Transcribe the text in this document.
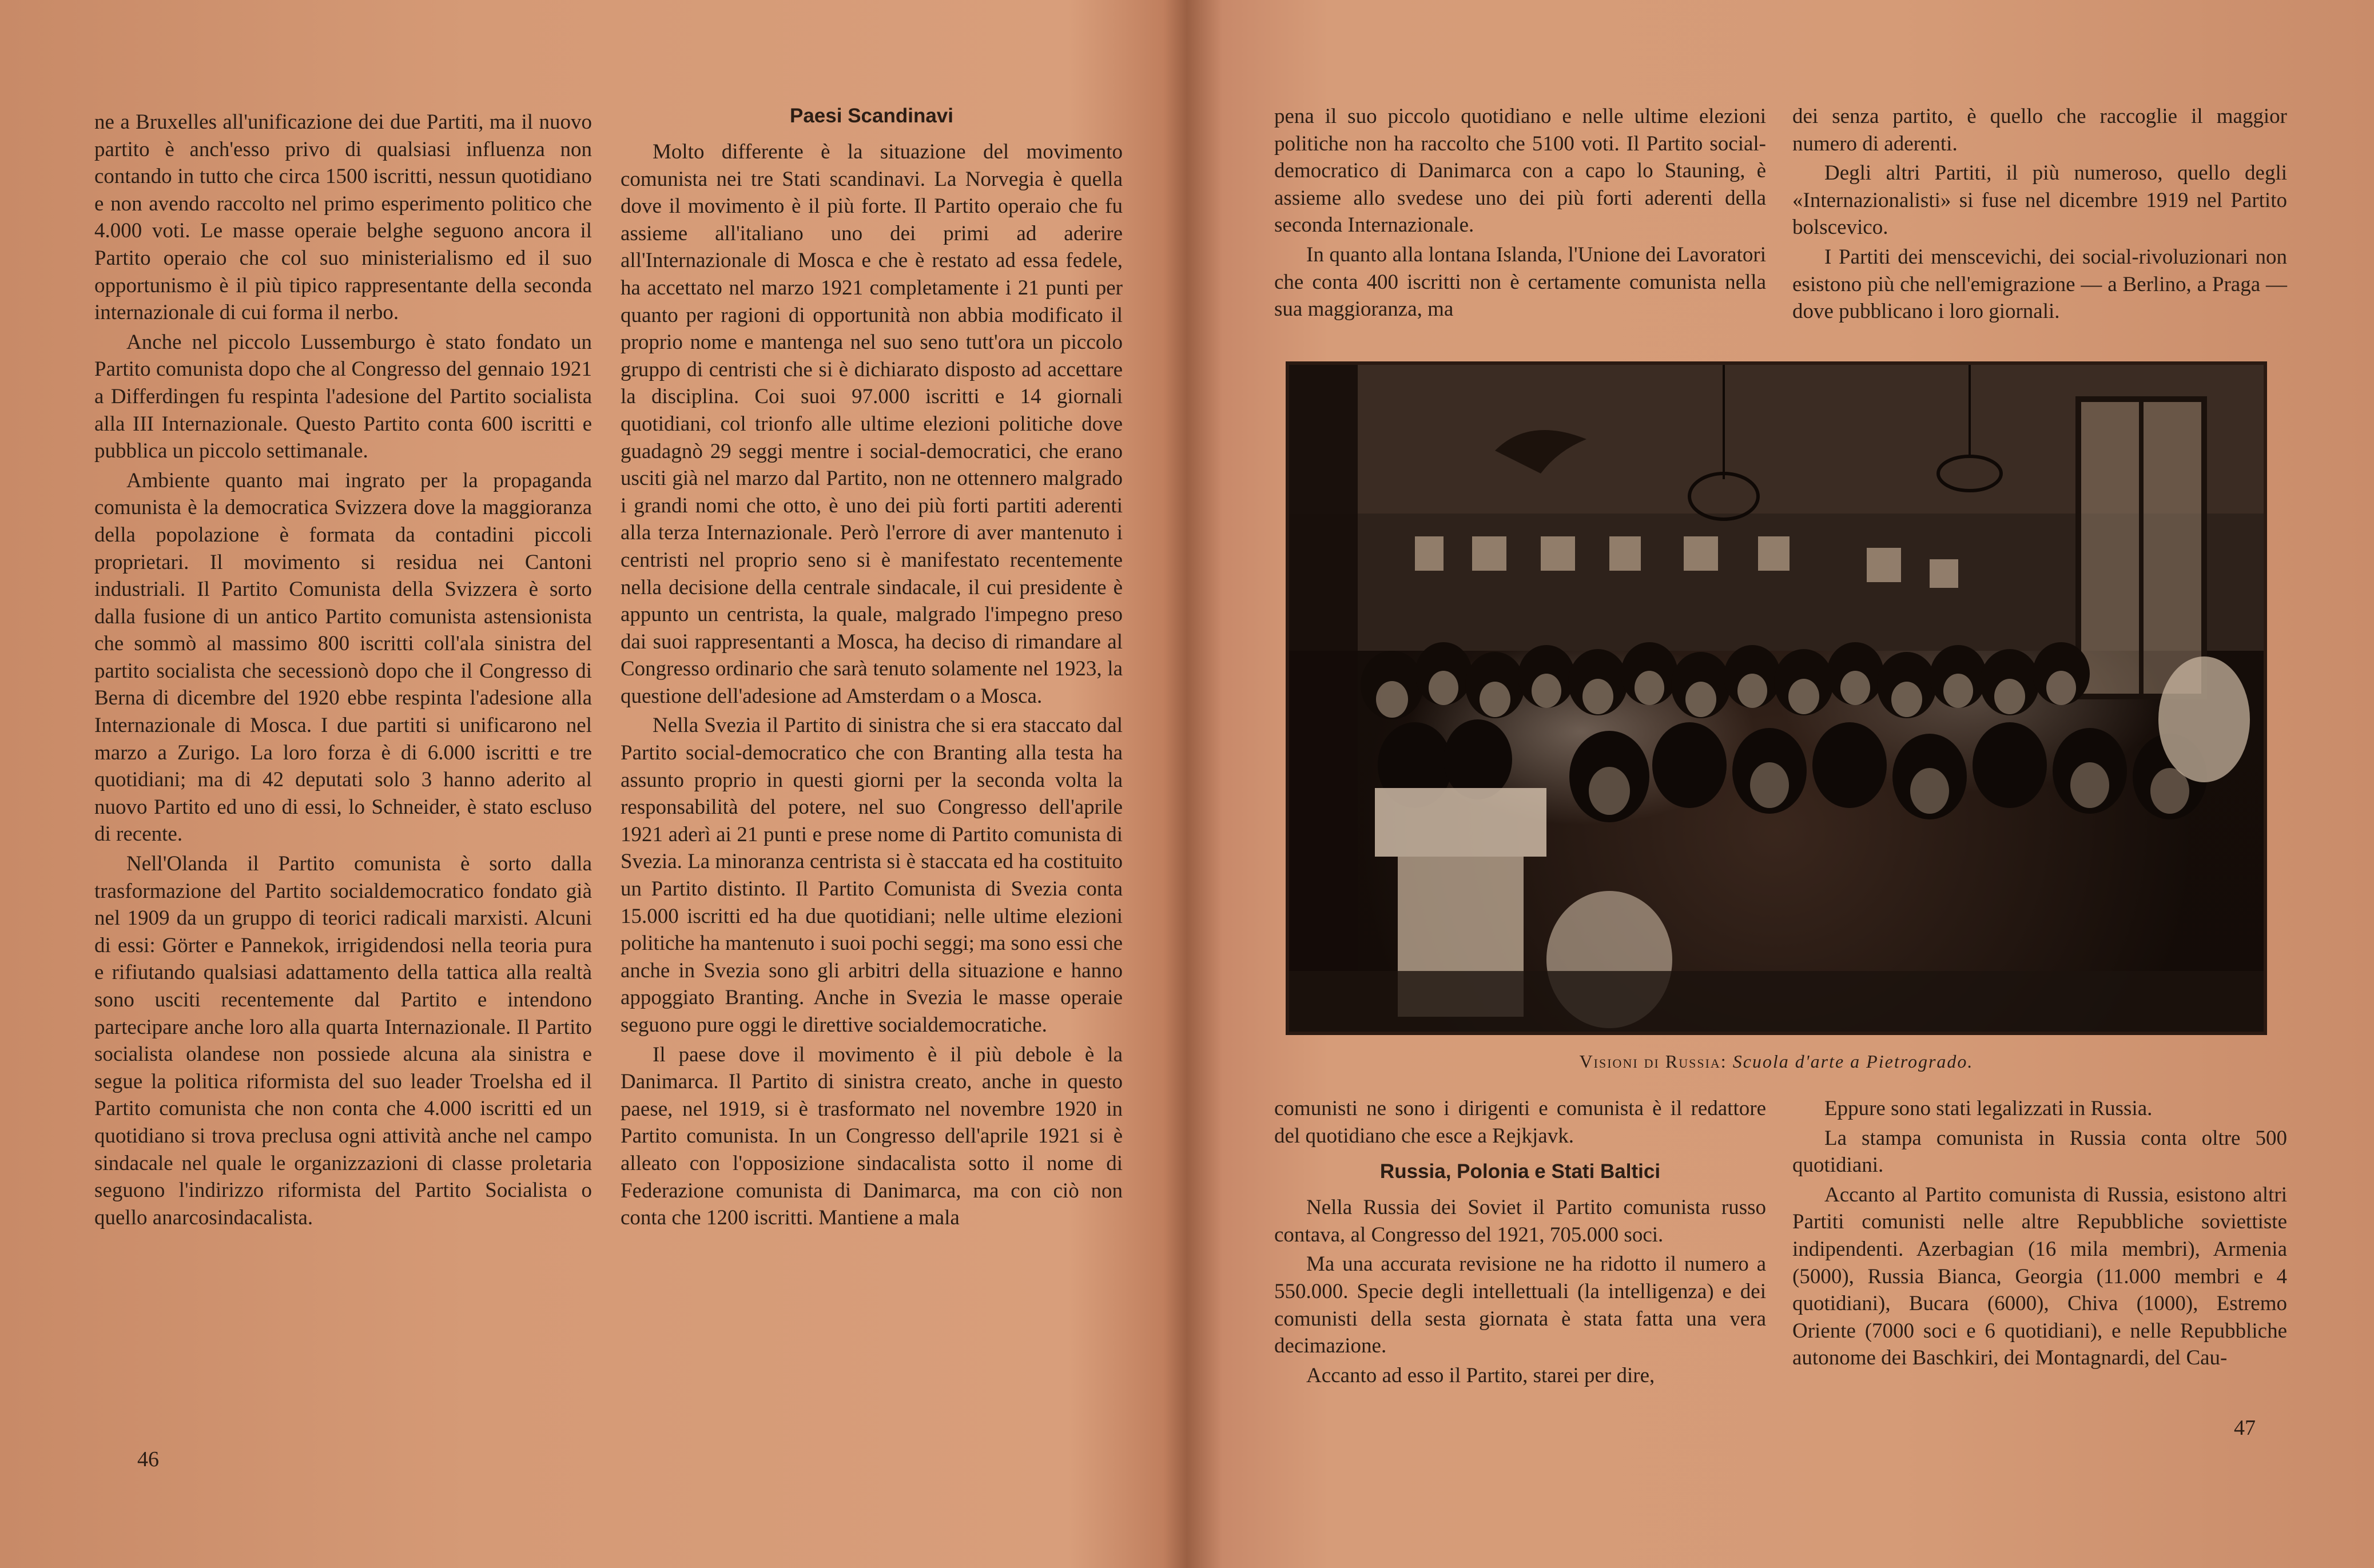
ne a Bruxelles all'unificazione dei due Partiti, ma il nuovo partito è anch'esso privo di qualsiasi influenza non contando in tutto che circa 1500 iscritti, nessun quotidiano e non avendo raccolto nel primo esperimento politico che 4.000 voti. Le masse operaie belghe seguono ancora il Partito operaio che col suo ministerialismo ed il suo opportunismo è il più tipico rappresentante della seconda internazionale di cui forma il nerbo.

Anche nel piccolo Lussemburgo è stato fondato un Partito comunista dopo che al Congresso del gennaio 1921 a Differdingen fu respinta l'adesione del Partito socialista alla III Internazionale. Questo Partito conta 600 iscritti e pubblica un piccolo settimanale.

Ambiente quanto mai ingrato per la propaganda comunista è la democratica Svizzera dove la maggioranza della popolazione è formata da contadini piccoli proprietari. Il movimento si residua nei Cantoni industriali. Il Partito Comunista della Svizzera è sorto dalla fusione di un antico Partito comunista astensionista che sommò al massimo 800 iscritti coll'ala sinistra del partito socialista che secessionò dopo che il Congresso di Berna di dicembre del 1920 ebbe respinta l'adesione alla Internazionale di Mosca. I due partiti si unificarono nel marzo a Zurigo. La loro forza è di 6.000 iscritti e tre quotidiani; ma di 42 deputati solo 3 hanno aderito al nuovo Partito ed uno di essi, lo Schneider, è stato escluso di recente.

Nell'Olanda il Partito comunista è sorto dalla trasformazione del Partito socialdemocratico fondato già nel 1909 da un gruppo di teorici radicali marxisti. Alcuni di essi: Görter e Pannekok, irrigidendosi nella teoria pura e rifiutando qualsiasi adattamento della tattica alla realtà sono usciti recentemente dal Partito e intendono partecipare anche loro alla quarta Internazionale. Il Partito socialista olandese non possiede alcuna ala sinistra e segue la politica riformista del suo leader Troelsha ed il Partito comunista che non conta che 4.000 iscritti ed un quotidiano si trova preclusa ogni attività anche nel campo sindacale nel quale le organizzazioni di classe proletaria seguono l'indirizzo riformista del Partito Socialista o quello anarcosindacalista.

Paesi Scandinavi

Molto differente è la situazione del movimento comunista nei tre Stati scandinavi. La Norvegia è quella dove il movimento è il più forte. Il Partito operaio che fu assieme all'italiano uno dei primi ad aderire all'Internazionale di Mosca e che è restato ad essa fedele, ha accettato nel marzo 1921 completamente i 21 punti per quanto per ragioni di opportunità non abbia modificato il proprio nome e mantenga nel suo seno tutt'ora un piccolo gruppo di centristi che si è dichiarato disposto ad accettare la disciplina. Coi suoi 97.000 iscritti e 14 giornali quotidiani, col trionfo alle ultime elezioni politiche dove guadagnò 29 seggi mentre i social-democratici, che erano usciti già nel marzo dal Partito, non ne ottennero malgrado i grandi nomi che otto, è uno dei più forti partiti aderenti alla terza Internazionale. Però l'errore di aver mantenuto i centristi nel proprio seno si è manifestato recentemente nella decisione della centrale sindacale, il cui presidente è appunto un centrista, la quale, malgrado l'impegno preso dai suoi rappresentanti a Mosca, ha deciso di rimandare al Congresso ordinario che sarà tenuto solamente nel 1923, la questione dell'adesione ad Amsterdam o a Mosca.

Nella Svezia il Partito di sinistra che si era staccato dal Partito social-democratico che con Branting alla testa ha assunto proprio in questi giorni per la seconda volta la responsabilità del potere, nel suo Congresso dell'aprile 1921 aderì ai 21 punti e prese nome di Partito comunista di Svezia. La minoranza centrista si è staccata ed ha costituito un Partito distinto. Il Partito Comunista di Svezia conta 15.000 iscritti ed ha due quotidiani; nelle ultime elezioni politiche ha mantenuto i suoi pochi seggi; ma sono essi che anche in Svezia sono gli arbitri della situazione e hanno appoggiato Branting. Anche in Svezia le masse operaie seguono pure oggi le direttive socialdemocratiche.

Il paese dove il movimento è il più debole è la Danimarca. Il Partito di sinistra creato, anche in questo paese, nel 1919, si è trasformato nel novembre 1920 in Partito comunista. In un Congresso dell'aprile 1921 si è alleato con l'opposizione sindacalista sotto il nome di Federazione comunista di Danimarca, ma con ciò non conta che 1200 iscritti. Mantiene a mala

46

pena il suo piccolo quotidiano e nelle ultime elezioni politiche non ha raccolto che 5100 voti. Il Partito social-democratico di Danimarca con a capo lo Stauning, è assieme allo svedese uno dei più forti aderenti della seconda Internazionale.

In quanto alla lontana Islanda, l'Unione dei Lavoratori che conta 400 iscritti non è certamente comunista nella sua maggioranza, ma

dei senza partito, è quello che raccoglie il maggior numero di aderenti.

Degli altri Partiti, il più numeroso, quello degli «Internazionalisti» si fuse nel dicembre 1919 nel Partito bolscevico.

I Partiti dei menscevichi, dei social-rivoluzionari non esistono più che nell'emigrazione — a Berlino, a Praga — dove pubblicano i loro giornali.

comunisti ne sono i dirigenti e comunista è il redattore del quotidiano che esce a Rejkjavk.

Russia, Polonia e Stati Baltici

Nella Russia dei Soviet il Partito comunista russo contava, al Congresso del 1921, 705.000 soci.

Ma una accurata revisione ne ha ridotto il numero a 550.000. Specie degli intellettuali (la intelligenza) e dei comunisti della sesta giornata è stata fatta una vera decimazione.

Accanto ad esso il Partito, starei per dire,

Eppure sono stati legalizzati in Russia.

La stampa comunista in Russia conta oltre 500 quotidiani.

Accanto al Partito comunista di Russia, esistono altri Partiti comunisti nelle altre Repubbliche soviettiste indipendenti. Azerbagian (16 mila membri), Armenia (5000), Russia Bianca, Georgia (11.000 membri e 4 quotidiani), Bucara (6000), Chiva (1000), Estremo Oriente (7000 soci e 6 quotidiani), e nelle Repubbliche autonome dei Baschkiri, dei Montagnardi, del Cau-

47
Visioni di Russia: Scuola d'arte a Pietrogrado.
